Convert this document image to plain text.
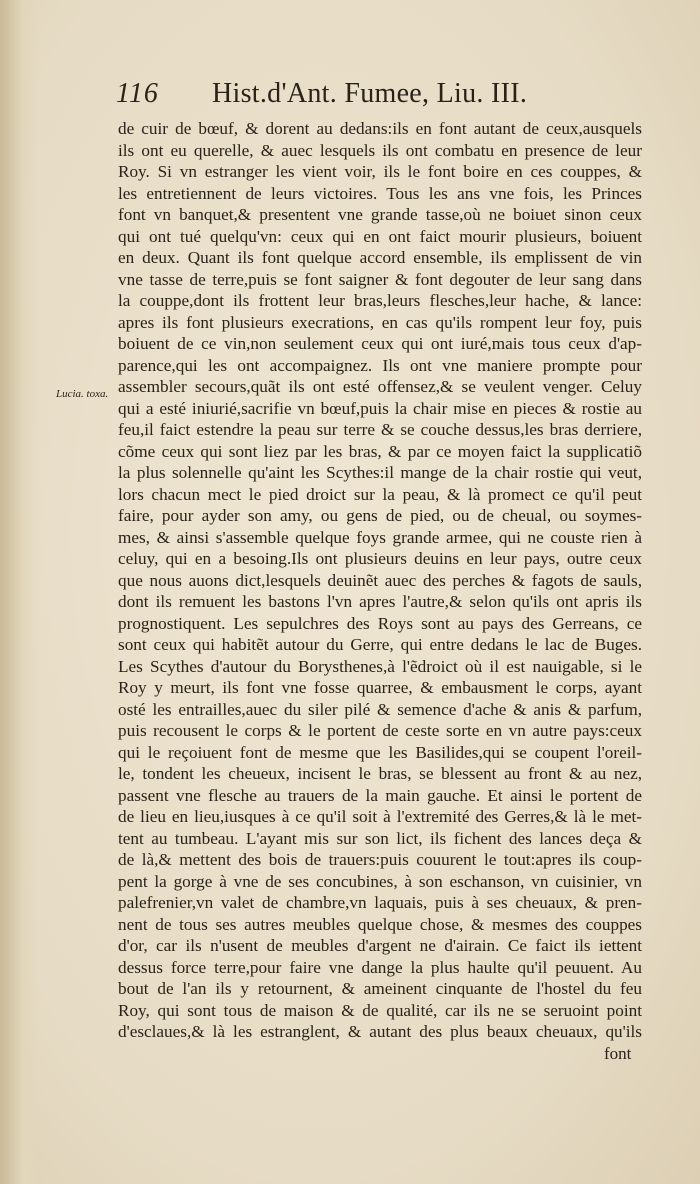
116 Hist.d'Ant. Fumee, Liu. III.
Lucia. toxa.
de cuir de bœuf, & dorent au dedans:ils en font autant de ceux,ausquels
ils ont eu querelle, & auec lesquels ils ont combatu en presence de leur
Roy. Si vn estranger les vient voir, ils le font boire en ces couppes, &
les entretiennent de leurs victoires. Tous les ans vne fois, les Princes
font vn banquet,& presentent vne grande tasse,où ne boiuet sinon ceux
qui ont tué quelqu'vn: ceux qui en ont faict mourir plusieurs, boiuent
en deux. Quant ils font quelque accord ensemble, ils emplissent de vin
vne tasse de terre,puis se font saigner & font degouter de leur sang dans
la couppe,dont ils frottent leur bras,leurs flesches,leur hache, & lance:
apres ils font plusieurs execrations, en cas qu'ils rompent leur foy, puis
boiuent de ce vin,non seulement ceux qui ont iuré,mais tous ceux d'ap-
parence,qui les ont accompaignez. Ils ont vne maniere prompte pour
assembler secours,quãt ils ont esté offensez,& se veulent venger. Celuy
qui a esté iniurié,sacrifie vn bœuf,puis la chair mise en pieces & rostie au
feu,il faict estendre la peau sur terre & se couche dessus,les bras derriere,
cõme ceux qui sont liez par les bras, & par ce moyen faict la supplicatiõ
la plus solennelle qu'aint les Scythes:il mange de la chair rostie qui veut,
lors chacun mect le pied droict sur la peau, & là promect ce qu'il peut
faire, pour ayder son amy, ou gens de pied, ou de cheual, ou soymes-
mes, & ainsi s'assemble quelque foys grande armee, qui ne couste rien à
celuy, qui en a besoing.Ils ont plusieurs deuins en leur pays, outre ceux
que nous auons dict,lesquels deuinẽt auec des perches & fagots de sauls,
dont ils remuent les bastons l'vn apres l'autre,& selon qu'ils ont apris ils
prognostiquent. Les sepulchres des Roys sont au pays des Gerreans, ce
sont ceux qui habitẽt autour du Gerre, qui entre dedans le lac de Buges.
Les Scythes d'autour du Borysthenes,à l'ẽdroict où il est nauigable, si le
Roy y meurt, ils font vne fosse quarree, & embausment le corps, ayant
osté les entrailles,auec du siler pilé & semence d'ache & anis & parfum,
puis recousent le corps & le portent de ceste sorte en vn autre pays:ceux
qui le reçoiuent font de mesme que les Basilides,qui se coupent l'oreil-
le, tondent les cheueux, incisent le bras, se blessent au front & au nez,
passent vne flesche au trauers de la main gauche. Et ainsi le portent de
de lieu en lieu,iusques à ce qu'il soit à l'extremité des Gerres,& là le met-
tent au tumbeau. L'ayant mis sur son lict, ils fichent des lances deça &
de là,& mettent des bois de trauers:puis couurent le tout:apres ils coup-
pent la gorge à vne de ses concubines, à son eschanson, vn cuisinier, vn
palefrenier,vn valet de chambre,vn laquais, puis à ses cheuaux, & pren-
nent de tous ses autres meubles quelque chose, & mesmes des couppes
d'or, car ils n'usent de meubles d'argent ne d'airain. Ce faict ils iettent
dessus force terre,pour faire vne dange la plus haulte qu'il peuuent. Au
bout de l'an ils y retournent, & ameinent cinquante de l'hostel du feu
Roy, qui sont tous de maison & de qualité, car ils ne se seruoint point
d'esclaues,& là les estranglent, & autant des plus beaux cheuaux, qu'ils
font
